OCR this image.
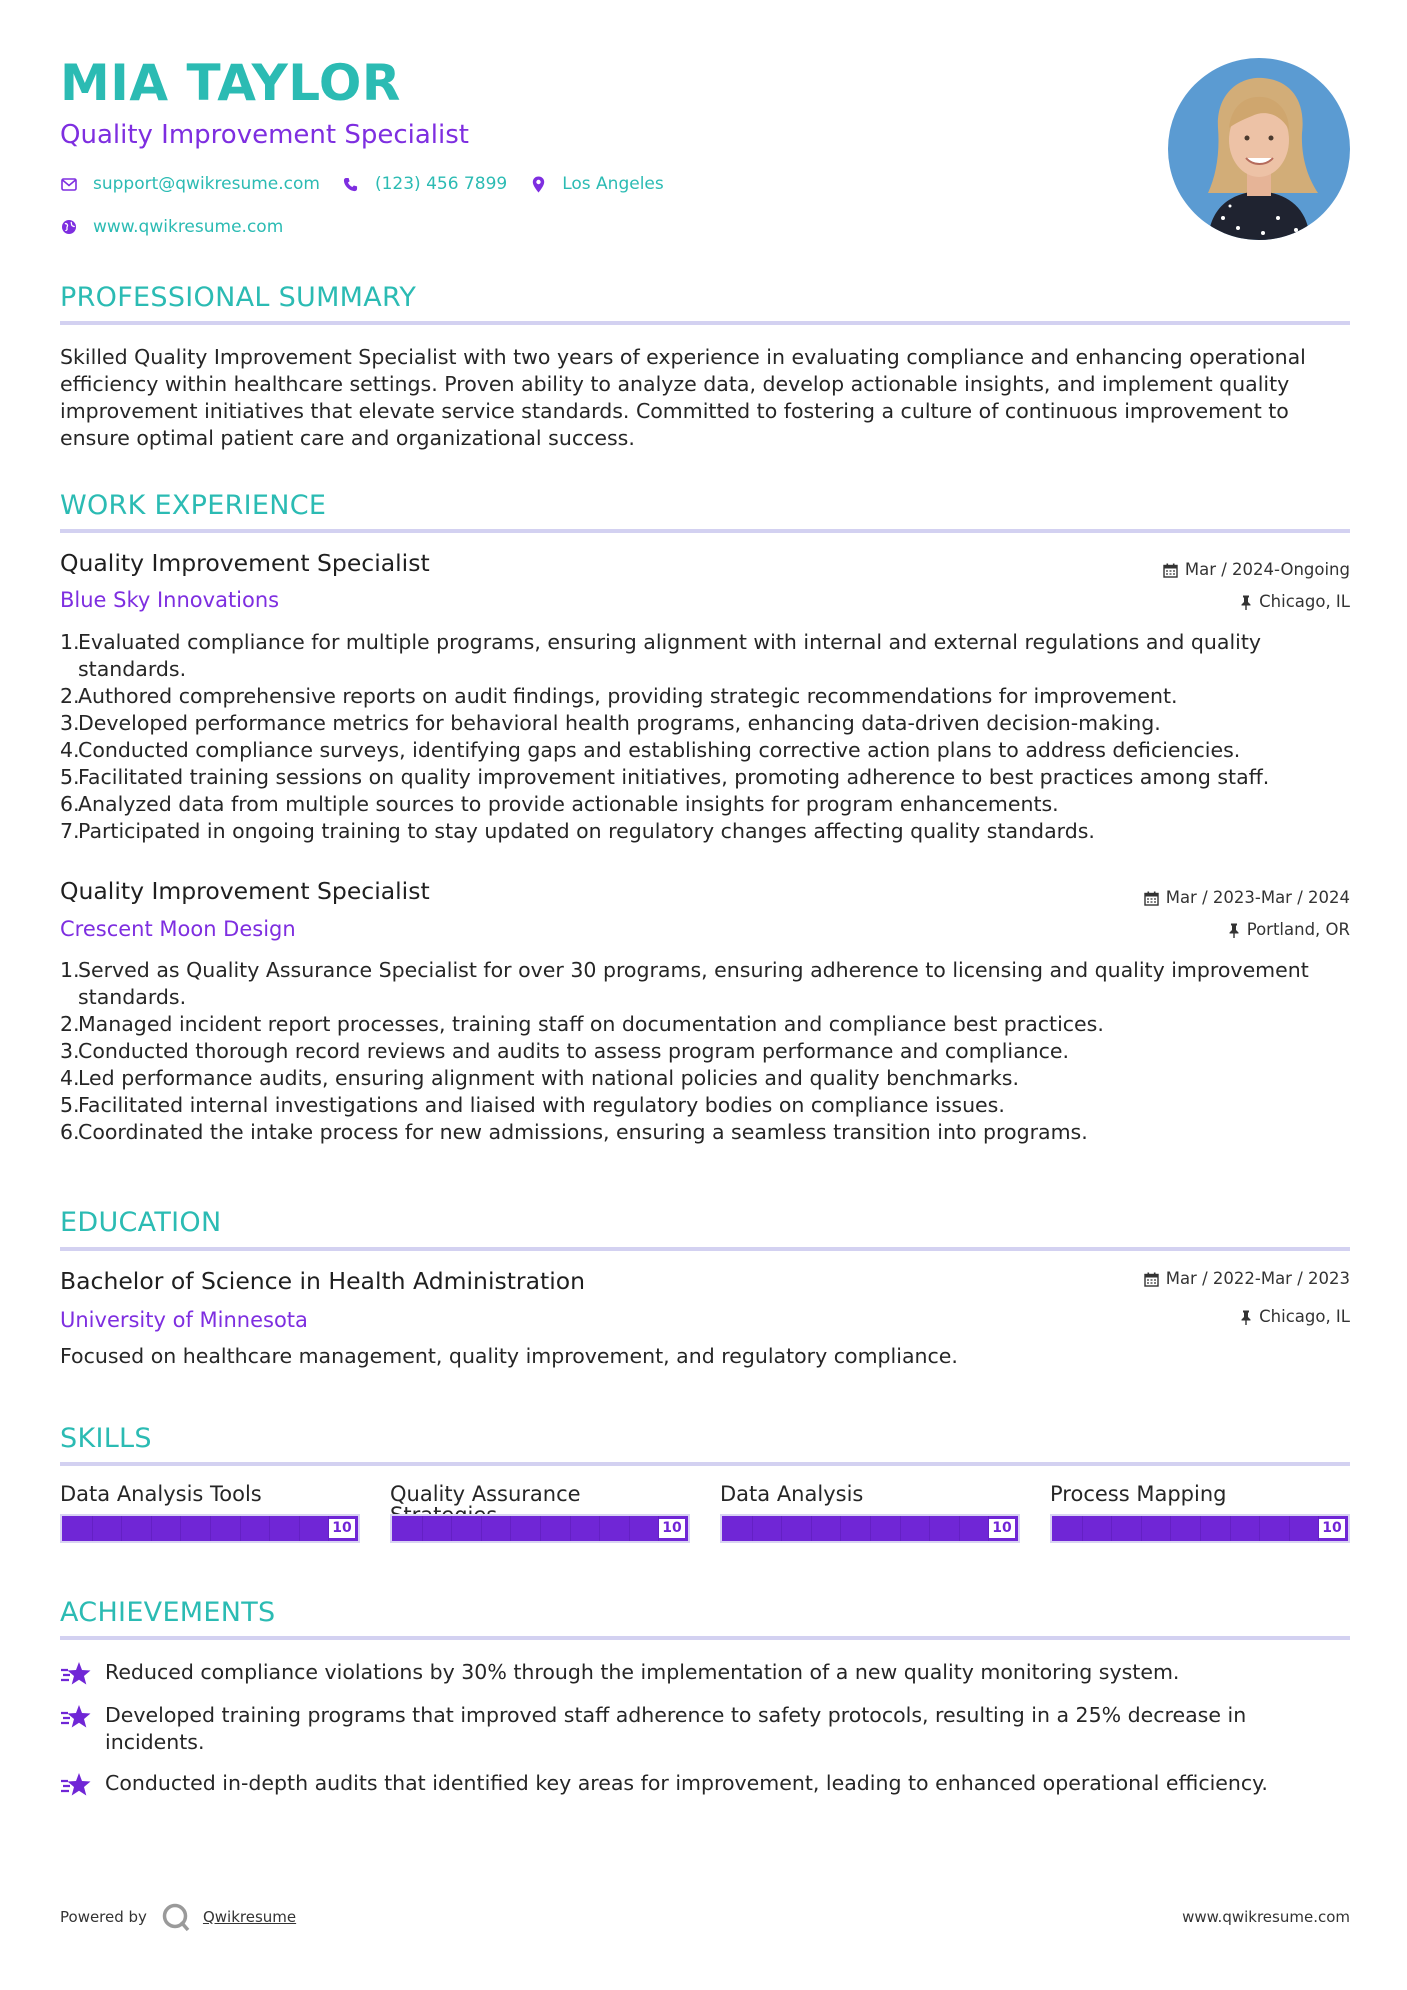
MIA TAYLOR
Quality Improvement Specialist
support@qwikresume.com	(123) 456 7899	Los Angeles
www.qwikresume.com
PROFESSIONAL SUMMARY
Skilled Quality Improvement Specialist with two years of experience in evaluating compliance and enhancing operational efficiency within healthcare settings. Proven ability to analyze data, develop actionable insights, and implement quality improvement initiatives that elevate service standards. Committed to fostering a culture of continuous improvement to ensure optimal patient care and organizational success.
WORK EXPERIENCE
Quality Improvement Specialist	Mar / 2024-Ongoing
Blue Sky Innovations	Chicago, IL
1.
Evaluated compliance for multiple programs, ensuring alignment with internal and external regulations and quality standards.
2.
Authored comprehensive reports on audit findings, providing strategic recommendations for improvement.
3.
Developed performance metrics for behavioral health programs, enhancing data-driven decision-making.
4.
Conducted compliance surveys, identifying gaps and establishing corrective action plans to address deficiencies.
5.
Facilitated training sessions on quality improvement initiatives, promoting adherence to best practices among staff.
6.
Analyzed data from multiple sources to provide actionable insights for program enhancements.
7.
Participated in ongoing training to stay updated on regulatory changes affecting quality standards.
Quality Improvement Specialist	Mar / 2023-Mar / 2024
Crescent Moon Design	Portland, OR
1.
Served as Quality Assurance Specialist for over 30 programs, ensuring adherence to licensing and quality improvement standards.
2.
Managed incident report processes, training staff on documentation and compliance best practices.
3.
Conducted thorough record reviews and audits to assess program performance and compliance.
4.
Led performance audits, ensuring alignment with national policies and quality benchmarks.
5.
Facilitated internal investigations and liaised with regulatory bodies on compliance issues.
6.
Coordinated the intake process for new admissions, ensuring a seamless transition into programs.
EDUCATION
Bachelor of Science in Health Administration	Mar / 2022-Mar / 2023
University of Minnesota	Chicago, IL
Focused on healthcare management, quality improvement, and regulatory compliance.
SKILLS
Data Analysis Tools
10
Quality Assurance
10
Data Analysis
10
Process Mapping
10
ACHIEVEMENTS
Reduced compliance violations by 30% through the implementation of a new quality monitoring system.
Developed training programs that improved staff adherence to safety protocols, resulting in a 25% decrease in incidents.
Conducted in-depth audits that identified key areas for improvement, leading to enhanced operational efficiency.
Powered by	Qwikresume	www.qwikresume.com
